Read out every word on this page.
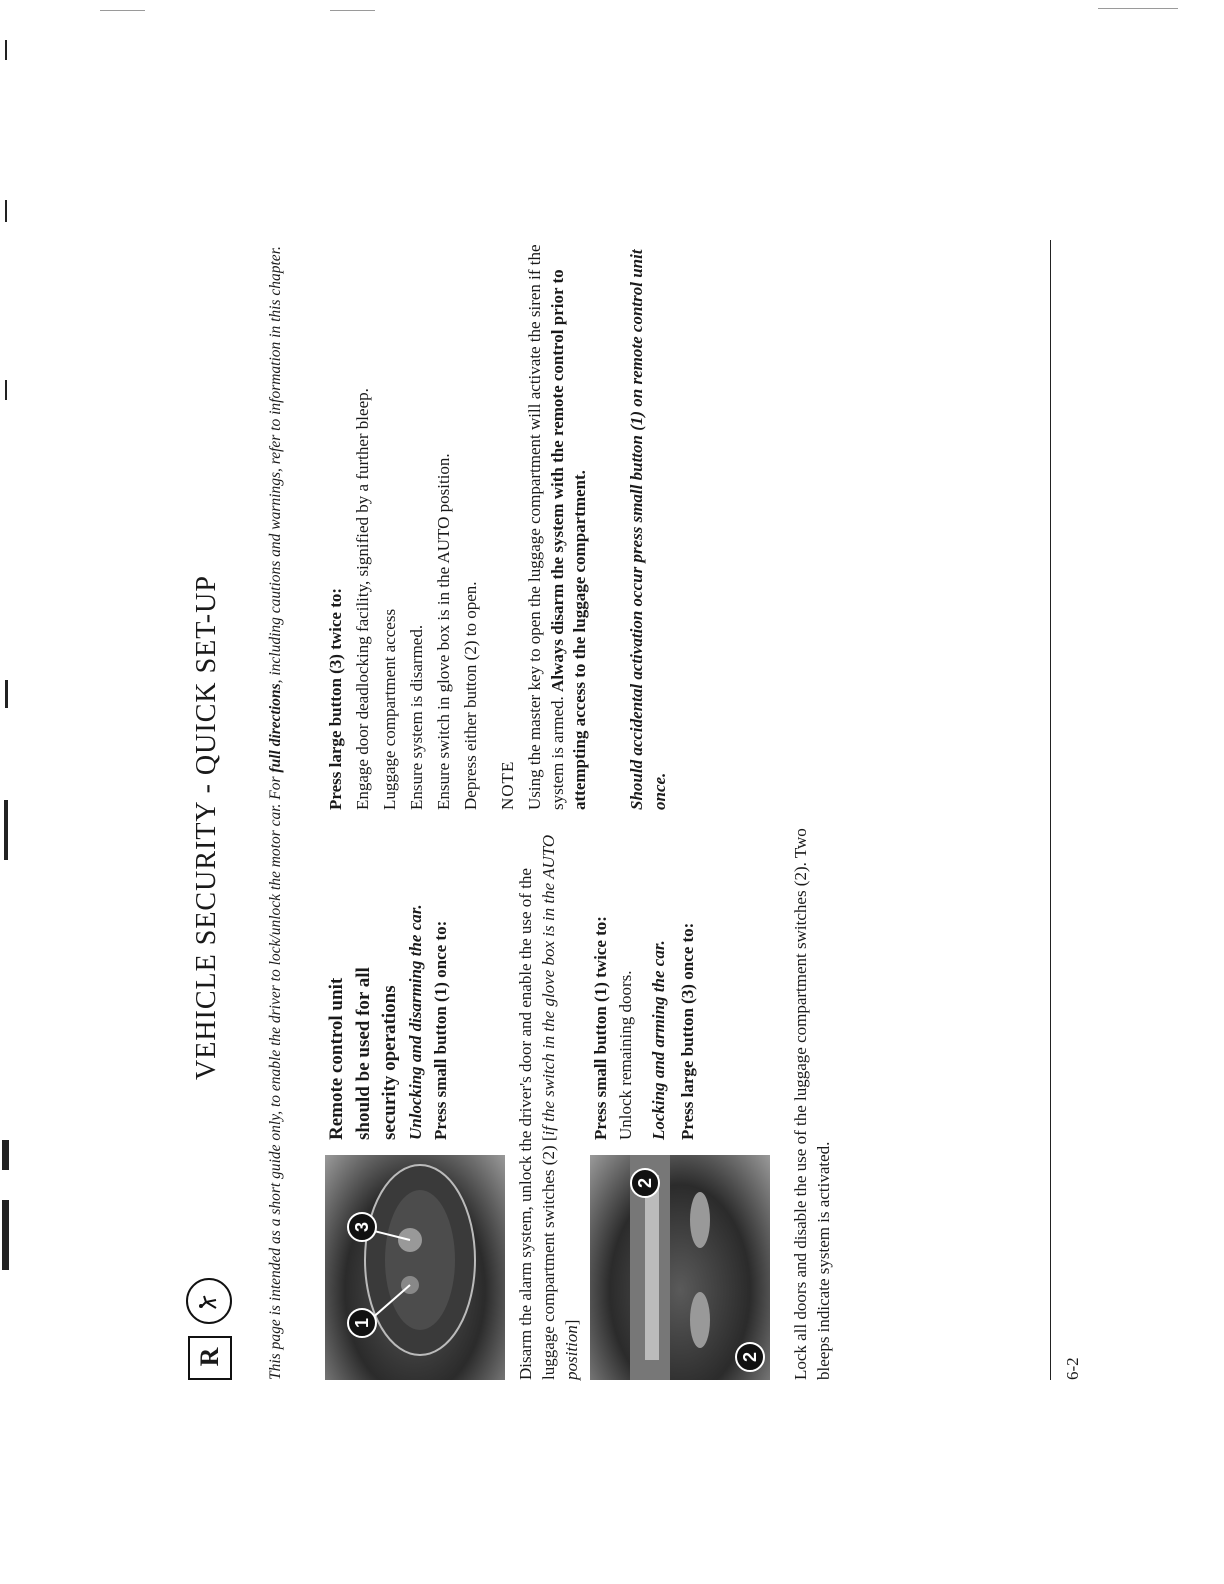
R
VEHICLE SECURITY - QUICK SET-UP	This page is intended as a short guide only, to enable the driver to lock/unlock the motor car. For full directions, including cautions and warnings, refer to information in this chapter.

1
3
2
2

Remote control unit should be used for all security operations Unlocking and disarming the car. Press small button (1) once to:	Disarm the alarm system, unlock the driver's door and enable the use of the luggage compartment switches (2) [if the switch in the glove box is in the AUTO position]

Press small button (1) twice to: Unlock remaining doors. Locking and arming the car. Press large button (3) once to:	Lock all doors and disable the use of the luggage compartment switches (2). Two bleeps indicate system is activated.

Press large button (3) twice to: Engage door deadlocking facility, signified by a further bleep. Luggage compartment access Ensure system is disarmed. Ensure switch in glove box is in the AUTO position. Depress either button (2) to open. NOTE Using the master key to open the luggage compartment will activate the siren if the system is armed. Always disarm the system with the remote control prior to attempting access to the luggage compartment. Should accidental activation occur press small button (1) on remote control unit once.

6-2
